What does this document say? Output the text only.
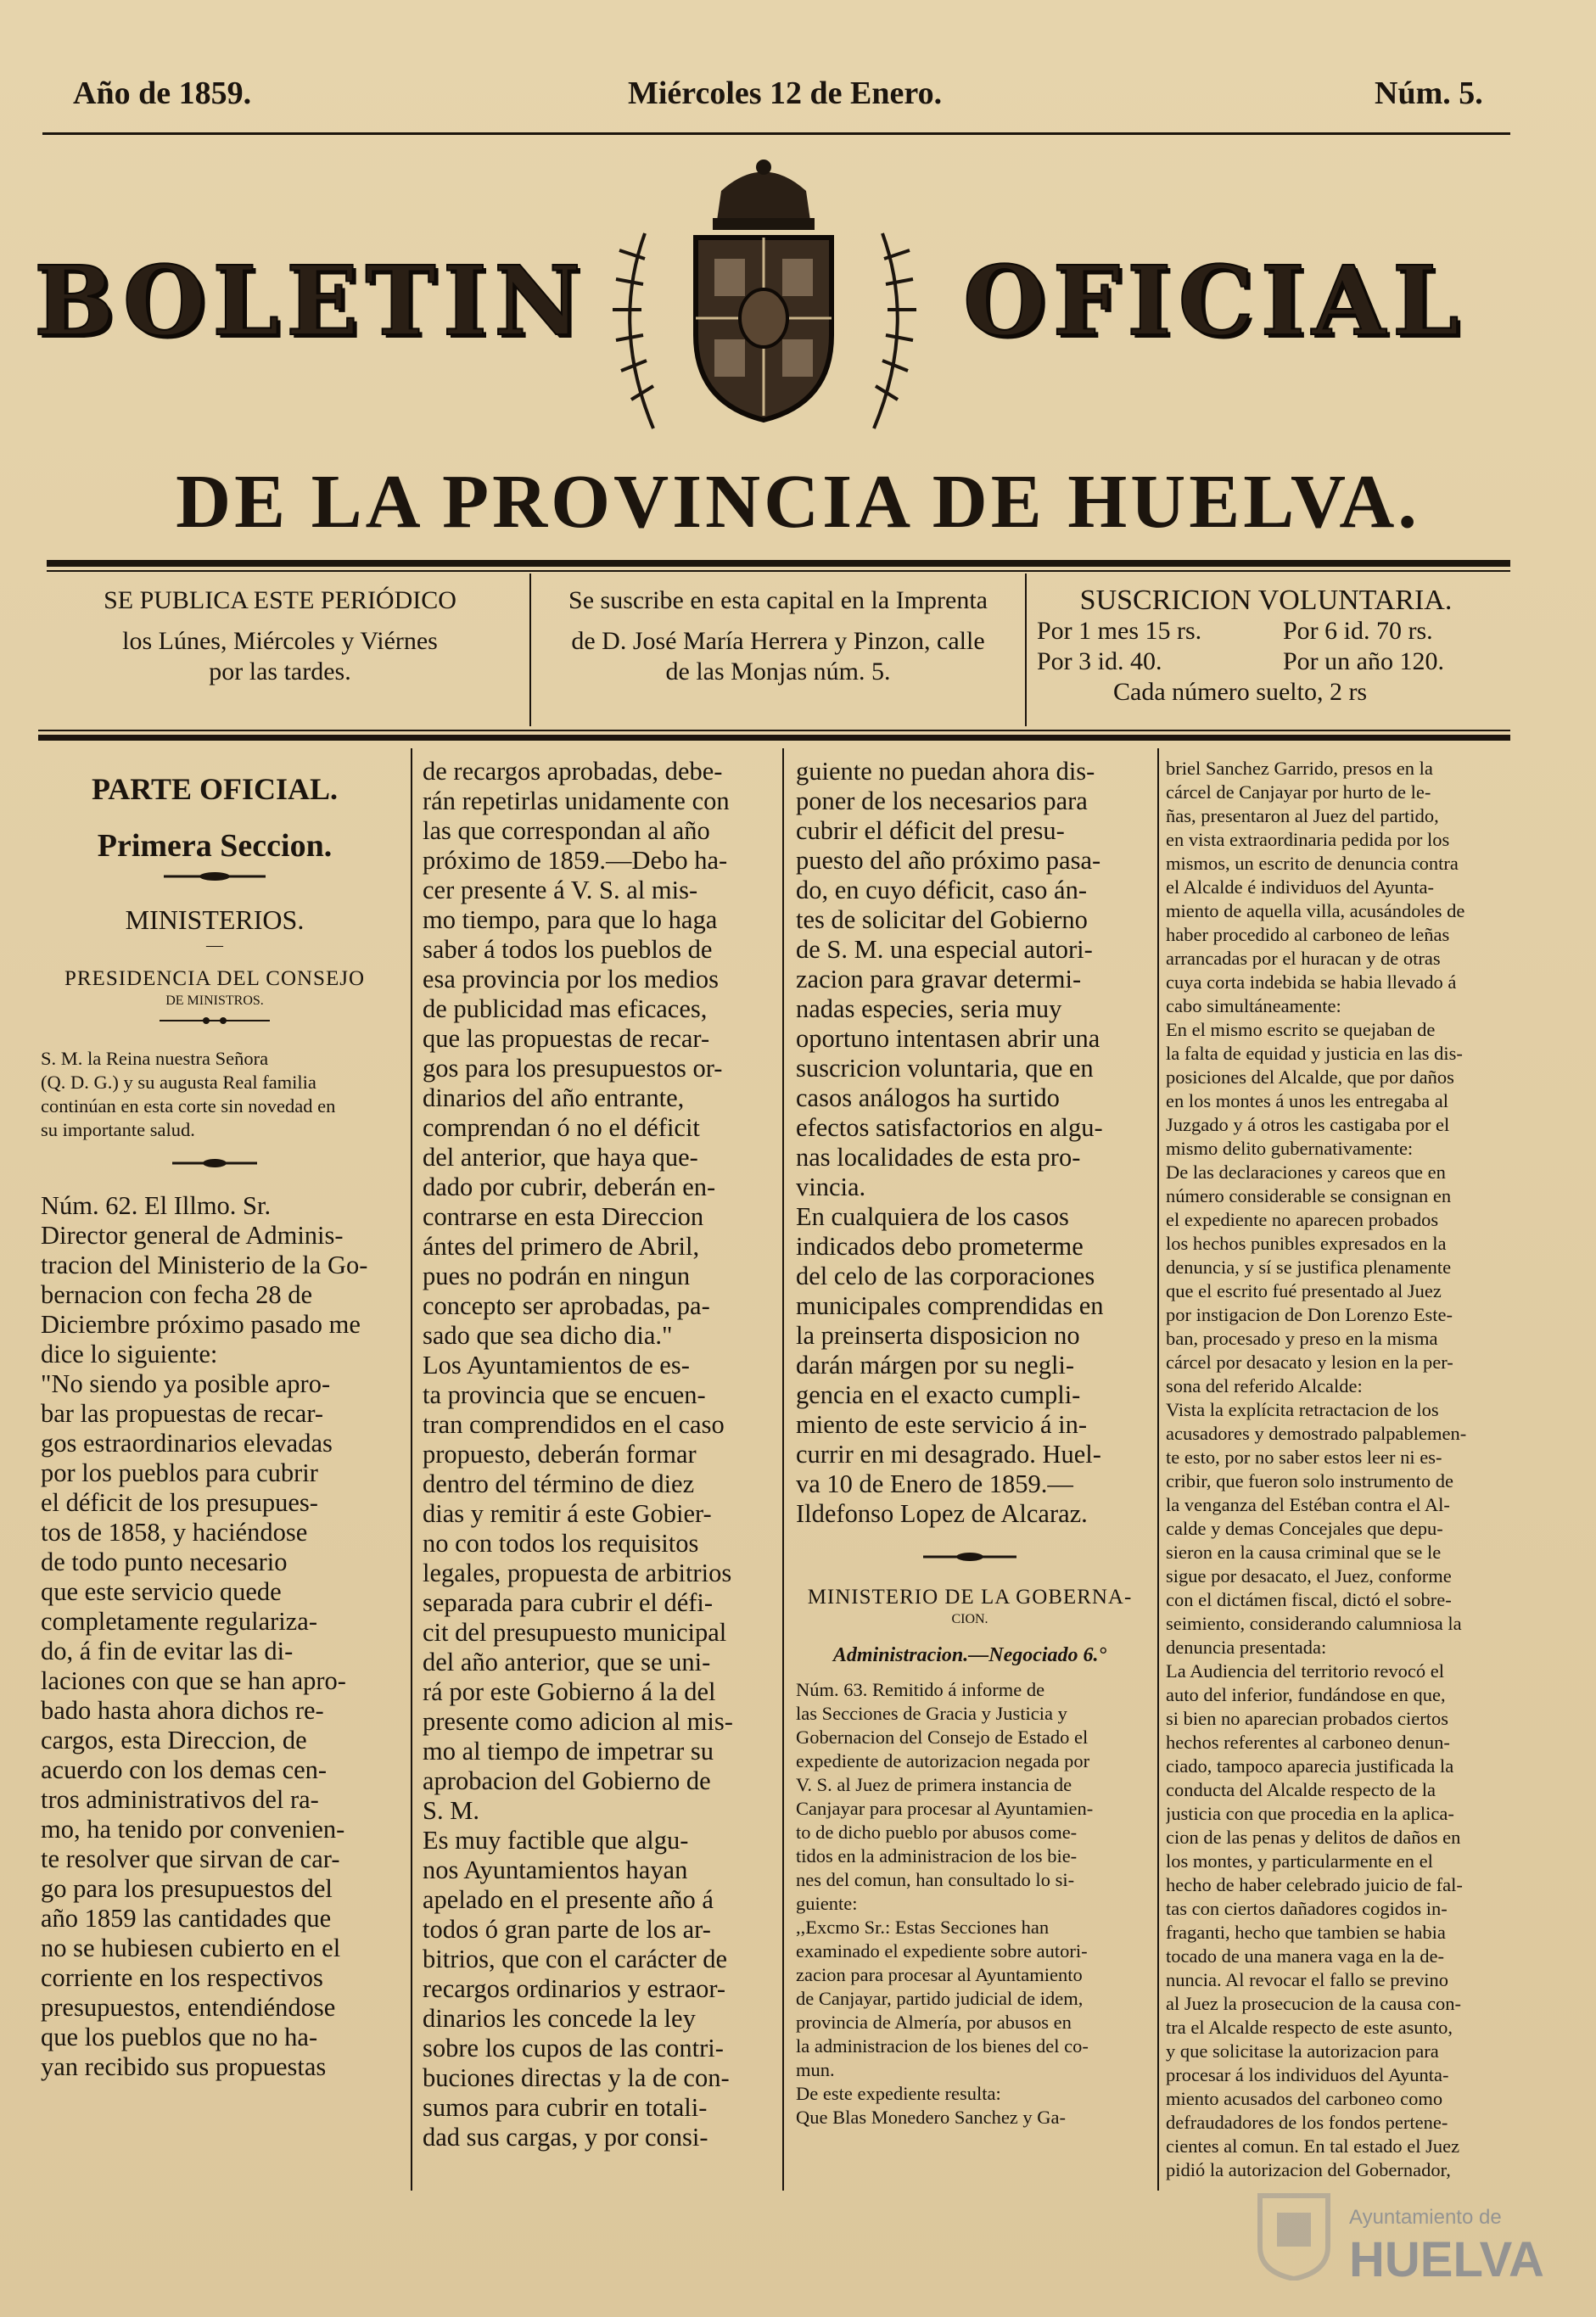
Año de 1859.	Miércoles 12 de Enero.	Núm. 5.
BOLETIN	OFICIAL
DE LA PROVINCIA DE HUELVA.
SE PUBLICA ESTE PERIÓDICO
los Lúnes, Miércoles y Viérnes
por las tardes.
Se suscribe en esta capital en la Imprenta
de D. José María Herrera y Pinzon, calle
de las Monjas núm. 5.
SUSCRICION VOLUNTARIA.
Por 1 mes 15 rs.	Por 6 id. 70 rs.
Por 3 id. 40.	Por un año 120.
Cada número suelto, 2 rs
PARTE OFICIAL.
Primera Seccion.
MINISTERIOS.
—
PRESIDENCIA DEL CONSEJO
DE MINISTROS.
S. M. la Reina nuestra Señora
(Q. D. G.) y su augusta Real familia
continúan en esta corte sin novedad en
su importante salud.
Núm. 62. El Illmo. Sr.
Director general de Adminis-
tracion del Ministerio de la Go-
bernacion con fecha 28 de
Diciembre próximo pasado me
dice lo siguiente:
"No siendo ya posible apro-
bar las propuestas de recar-
gos estraordinarios elevadas
por los pueblos para cubrir
el déficit de los presupues-
tos de 1858, y haciéndose
de todo punto necesario
que este servicio quede
completamente regulariza-
do, á fin de evitar las di-
laciones con que se han apro-
bado hasta ahora dichos re-
cargos, esta Direccion, de
acuerdo con los demas cen-
tros administrativos del ra-
mo, ha tenido por convenien-
te resolver que sirvan de car-
go para los presupuestos del
año 1859 las cantidades que
no se hubiesen cubierto en el
corriente en los respectivos
presupuestos, entendiéndose
que los pueblos que no ha-
yan recibido sus propuestas
de recargos aprobadas, debe-
rán repetirlas unidamente con
las que correspondan al año
próximo de 1859.—Debo ha-
cer presente á V. S. al mis-
mo tiempo, para que lo haga
saber á todos los pueblos de
esa provincia por los medios
de publicidad mas eficaces,
que las propuestas de recar-
gos para los presupuestos or-
dinarios del año entrante,
comprendan ó no el déficit
del anterior, que haya que-
dado por cubrir, deberán en-
contrarse en esta Direccion
ántes del primero de Abril,
pues no podrán en ningun
concepto ser aprobadas, pa-
sado que sea dicho dia."
Los Ayuntamientos de es-
ta provincia que se encuen-
tran comprendidos en el caso
propuesto, deberán formar
dentro del término de diez
dias y remitir á este Gobier-
no con todos los requisitos
legales, propuesta de arbitrios
separada para cubrir el défi-
cit del presupuesto municipal
del año anterior, que se uni-
rá por este Gobierno á la del
presente como adicion al mis-
mo al tiempo de impetrar su
aprobacion del Gobierno de
S. M.
Es muy factible que algu-
nos Ayuntamientos hayan
apelado en el presente año á
todos ó gran parte de los ar-
bitrios, que con el carácter de
recargos ordinarios y estraor-
dinarios les concede la ley
sobre los cupos de las contri-
buciones directas y la de con-
sumos para cubrir en totali-
dad sus cargas, y por consi-
guiente no puedan ahora dis-
poner de los necesarios para
cubrir el déficit del presu-
puesto del año próximo pasa-
do, en cuyo déficit, caso án-
tes de solicitar del Gobierno
de S. M. una especial autori-
zacion para gravar determi-
nadas especies, seria muy
oportuno intentasen abrir una
suscricion voluntaria, que en
casos análogos ha surtido
efectos satisfactorios en algu-
nas localidades de esta pro-
vincia.
En cualquiera de los casos
indicados debo prometerme
del celo de las corporaciones
municipales comprendidas en
la preinserta disposicion no
darán márgen por su negli-
gencia en el exacto cumpli-
miento de este servicio á in-
currir en mi desagrado. Huel-
va 10 de Enero de 1859.—
Ildefonso Lopez de Alcaraz.
MINISTERIO DE LA GOBERNA-
CION.
Administracion.—Negociado 6.°
Núm. 63. Remitido á informe de
las Secciones de Gracia y Justicia y
Gobernacion del Consejo de Estado el
expediente de autorizacion negada por
V. S. al Juez de primera instancia de
Canjayar para procesar al Ayuntamien-
to de dicho pueblo por abusos come-
tidos en la administracion de los bie-
nes del comun, han consultado lo si-
guiente:
,,Excmo Sr.: Estas Secciones han
examinado el expediente sobre autori-
zacion para procesar al Ayuntamiento
de Canjayar, partido judicial de idem,
provincia de Almería, por abusos en
la administracion de los bienes del co-
mun.
De este expediente resulta:
Que Blas Monedero Sanchez y Ga-
briel Sanchez Garrido, presos en la
cárcel de Canjayar por hurto de le-
ñas, presentaron al Juez del partido,
en vista extraordinaria pedida por los
mismos, un escrito de denuncia contra
el Alcalde é individuos del Ayunta-
miento de aquella villa, acusándoles de
haber procedido al carboneo de leñas
arrancadas por el huracan y de otras
cuya corta indebida se habia llevado á
cabo simultáneamente:
En el mismo escrito se quejaban de
la falta de equidad y justicia en las dis-
posiciones del Alcalde, que por daños
en los montes á unos les entregaba al
Juzgado y á otros les castigaba por el
mismo delito gubernativamente:
De las declaraciones y careos que en
número considerable se consignan en
el expediente no aparecen probados
los hechos punibles expresados en la
denuncia, y sí se justifica plenamente
que el escrito fué presentado al Juez
por instigacion de Don Lorenzo Este-
ban, procesado y preso en la misma
cárcel por desacato y lesion en la per-
sona del referido Alcalde:
Vista la explícita retractacion de los
acusadores y demostrado palpablemen-
te esto, por no saber estos leer ni es-
cribir, que fueron solo instrumento de
la venganza del Estéban contra el Al-
calde y demas Concejales que depu-
sieron en la causa criminal que se le
sigue por desacato, el Juez, conforme
con el dictámen fiscal, dictó el sobre-
seimiento, considerando calumniosa la
denuncia presentada:
La Audiencia del territorio revocó el
auto del inferior, fundándose en que,
si bien no aparecian probados ciertos
hechos referentes al carboneo denun-
ciado, tampoco aparecia justificada la
conducta del Alcalde respecto de la
justicia con que procedia en la aplica-
cion de las penas y delitos de daños en
los montes, y particularmente en el
hecho de haber celebrado juicio de fal-
tas con ciertos dañadores cogidos in-
fraganti, hecho que tambien se habia
tocado de una manera vaga en la de-
nuncia. Al revocar el fallo se previno
al Juez la prosecucion de la causa con-
tra el Alcalde respecto de este asunto,
y que solicitase la autorizacion para
procesar á los individuos del Ayunta-
miento acusados del carboneo como
defraudadores de los fondos pertene-
cientes al comun. En tal estado el Juez
pidió la autorizacion del Gobernador,
Ayuntamiento de
HUELVA
